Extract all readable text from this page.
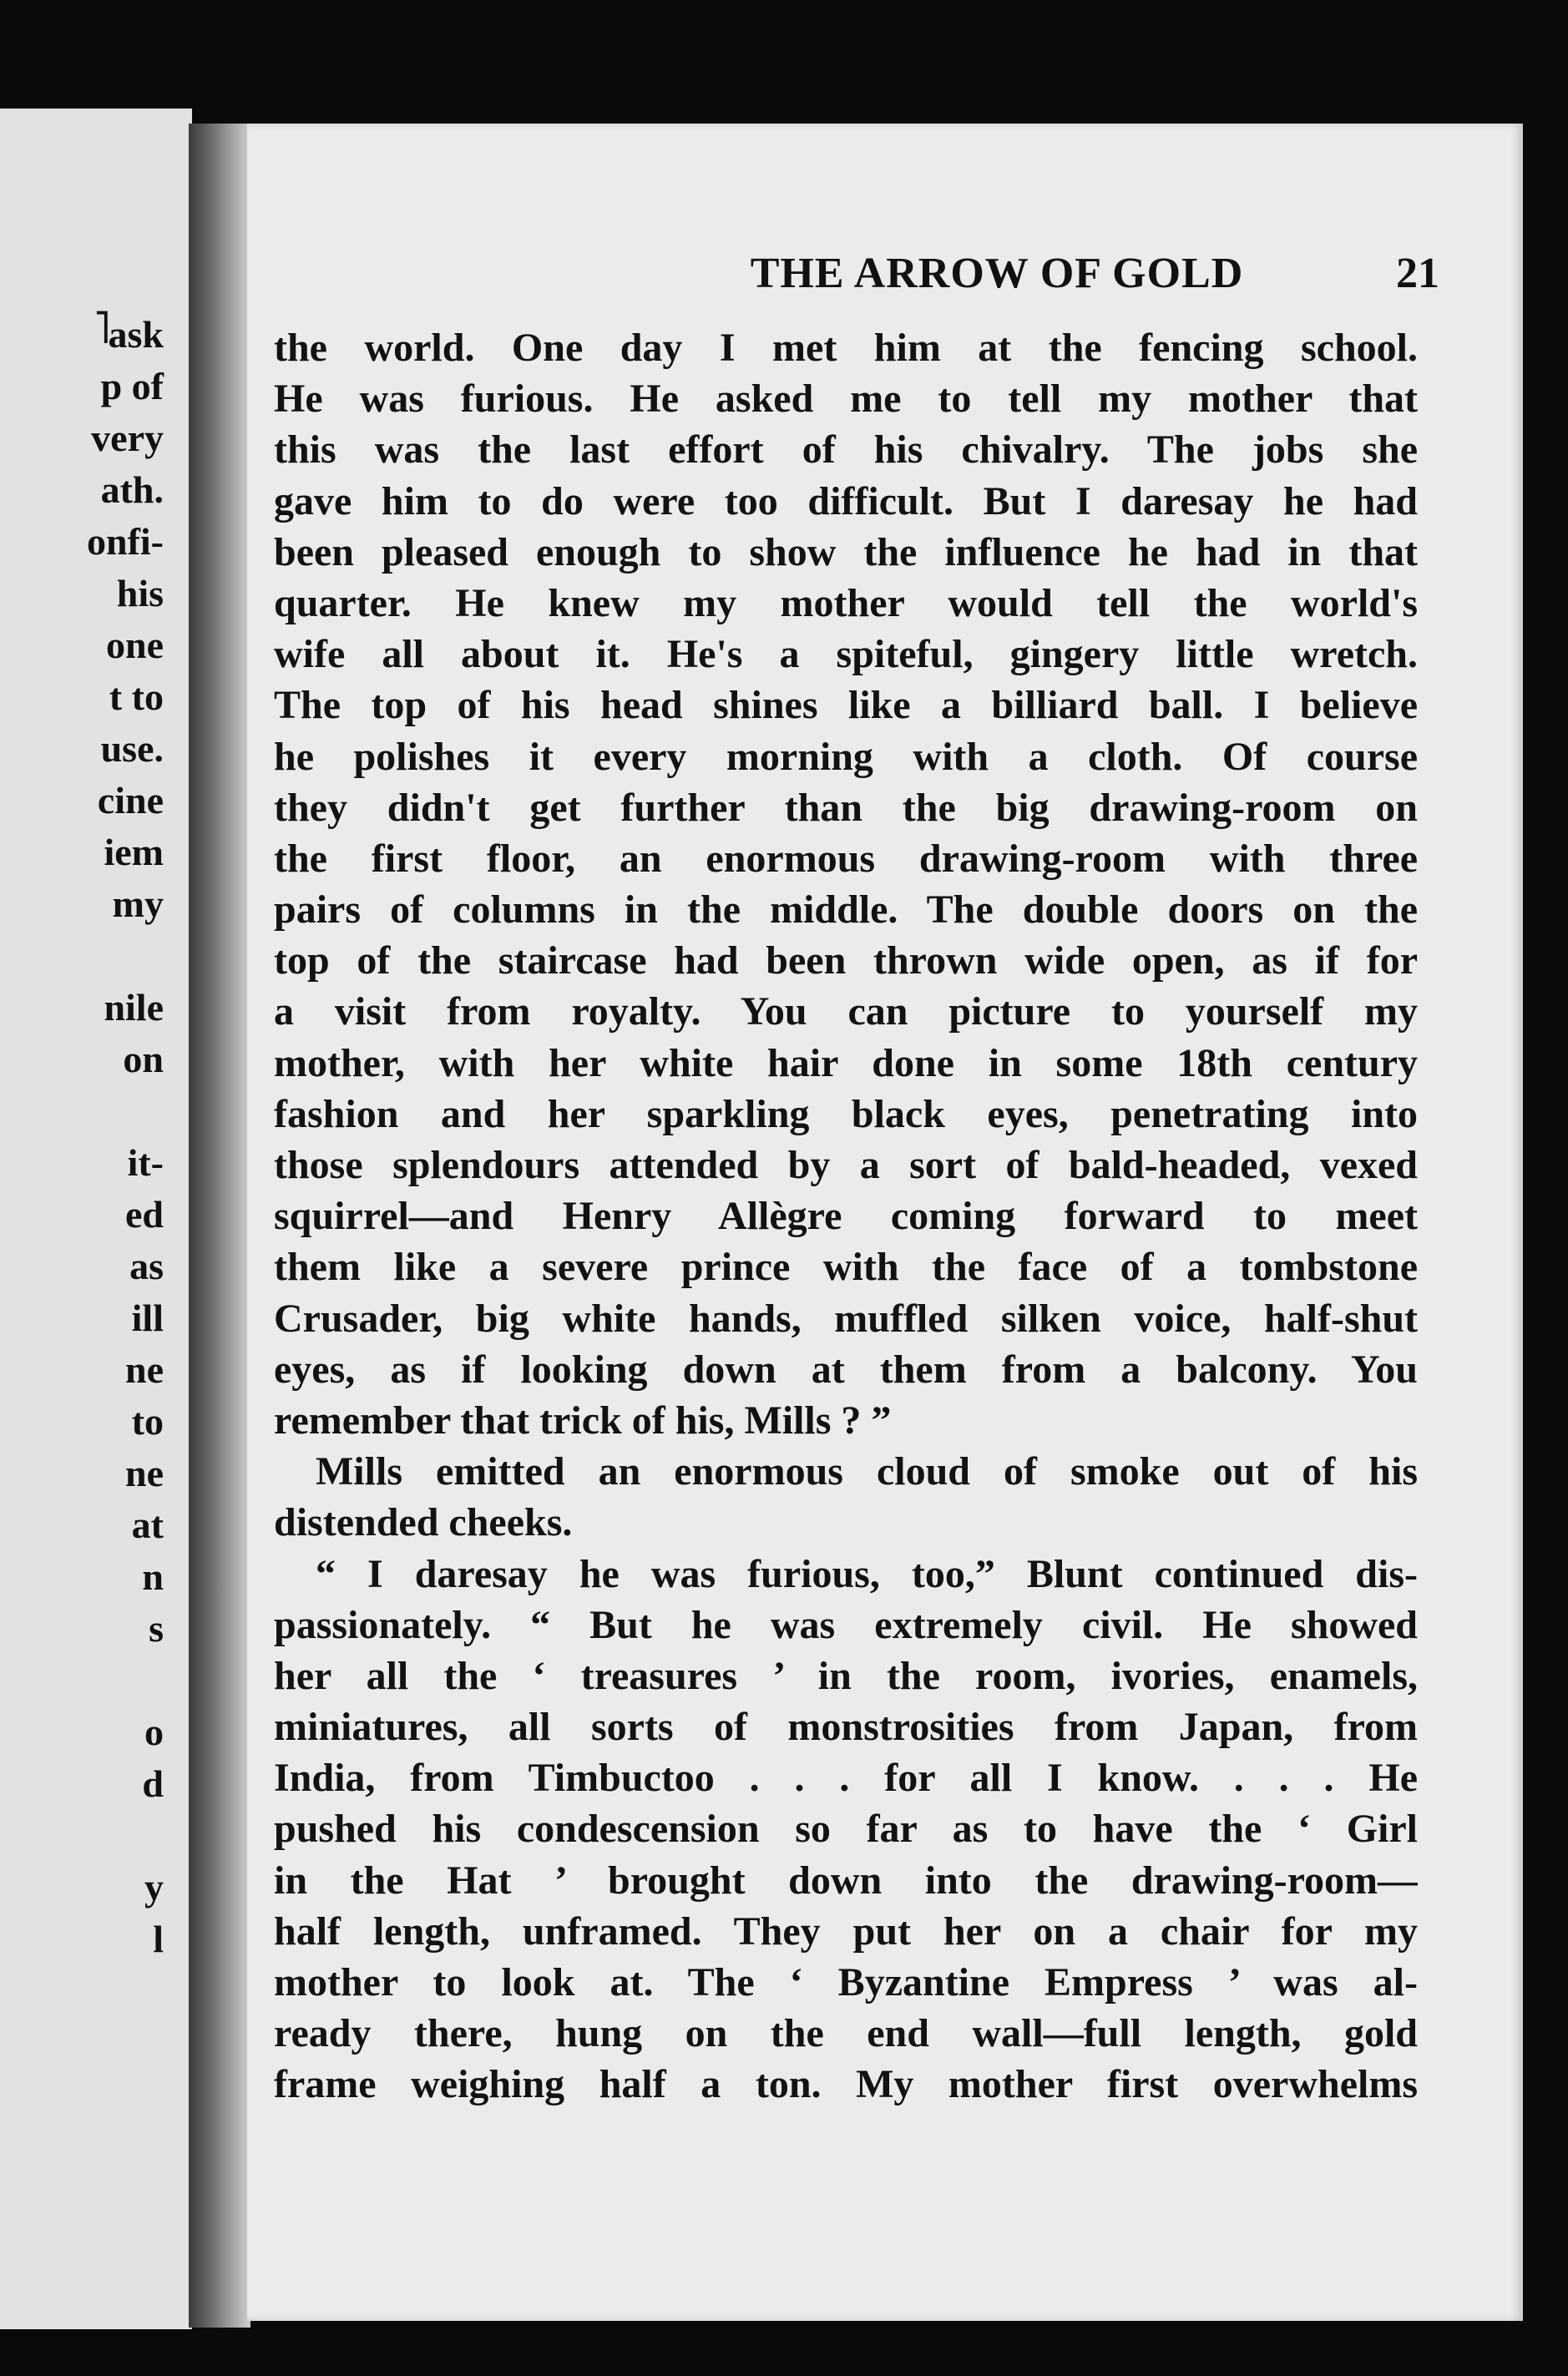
˥
ask
p of
very
ath.
onfi-
his
one
t to
use.
cine
iem
my

nile
on

it-
ed
as
ill
ne
to
ne
at
n
s

o
d

y
l
THE ARROW OF GOLD	21
the world. One day I met him at the fencing school.
He was furious. He asked me to tell my mother that
this was the last effort of his chivalry. The jobs she
gave him to do were too difficult. But I daresay he had
been pleased enough to show the influence he had in that
quarter. He knew my mother would tell the world's
wife all about it. He's a spiteful, gingery little wretch.
The top of his head shines like a billiard ball. I believe
he polishes it every morning with a cloth. Of course
they didn't get further than the big drawing-room on
the first floor, an enormous drawing-room with three
pairs of columns in the middle. The double doors on the
top of the staircase had been thrown wide open, as if for
a visit from royalty. You can picture to yourself my
mother, with her white hair done in some 18th century
fashion and her sparkling black eyes, penetrating into
those splendours attended by a sort of bald-headed, vexed
squirrel—and Henry Allègre coming forward to meet
them like a severe prince with the face of a tombstone
Crusader, big white hands, muffled silken voice, half-shut
eyes, as if looking down at them from a balcony. You
remember that trick of his, Mills ? ”
Mills emitted an enormous cloud of smoke out of his
distended cheeks.
“ I daresay he was furious, too,” Blunt continued dis-
passionately. “ But he was extremely civil. He showed
her all the ‘ treasures ’ in the room, ivories, enamels,
miniatures, all sorts of monstrosities from Japan, from
India, from Timbuctoo . . . for all I know. . . . He
pushed his condescension so far as to have the ‘ Girl
in the Hat ’ brought down into the drawing-room—
half length, unframed. They put her on a chair for my
mother to look at. The ‘ Byzantine Empress ’ was al-
ready there, hung on the end wall—full length, gold
frame weighing half a ton. My mother first overwhelms
